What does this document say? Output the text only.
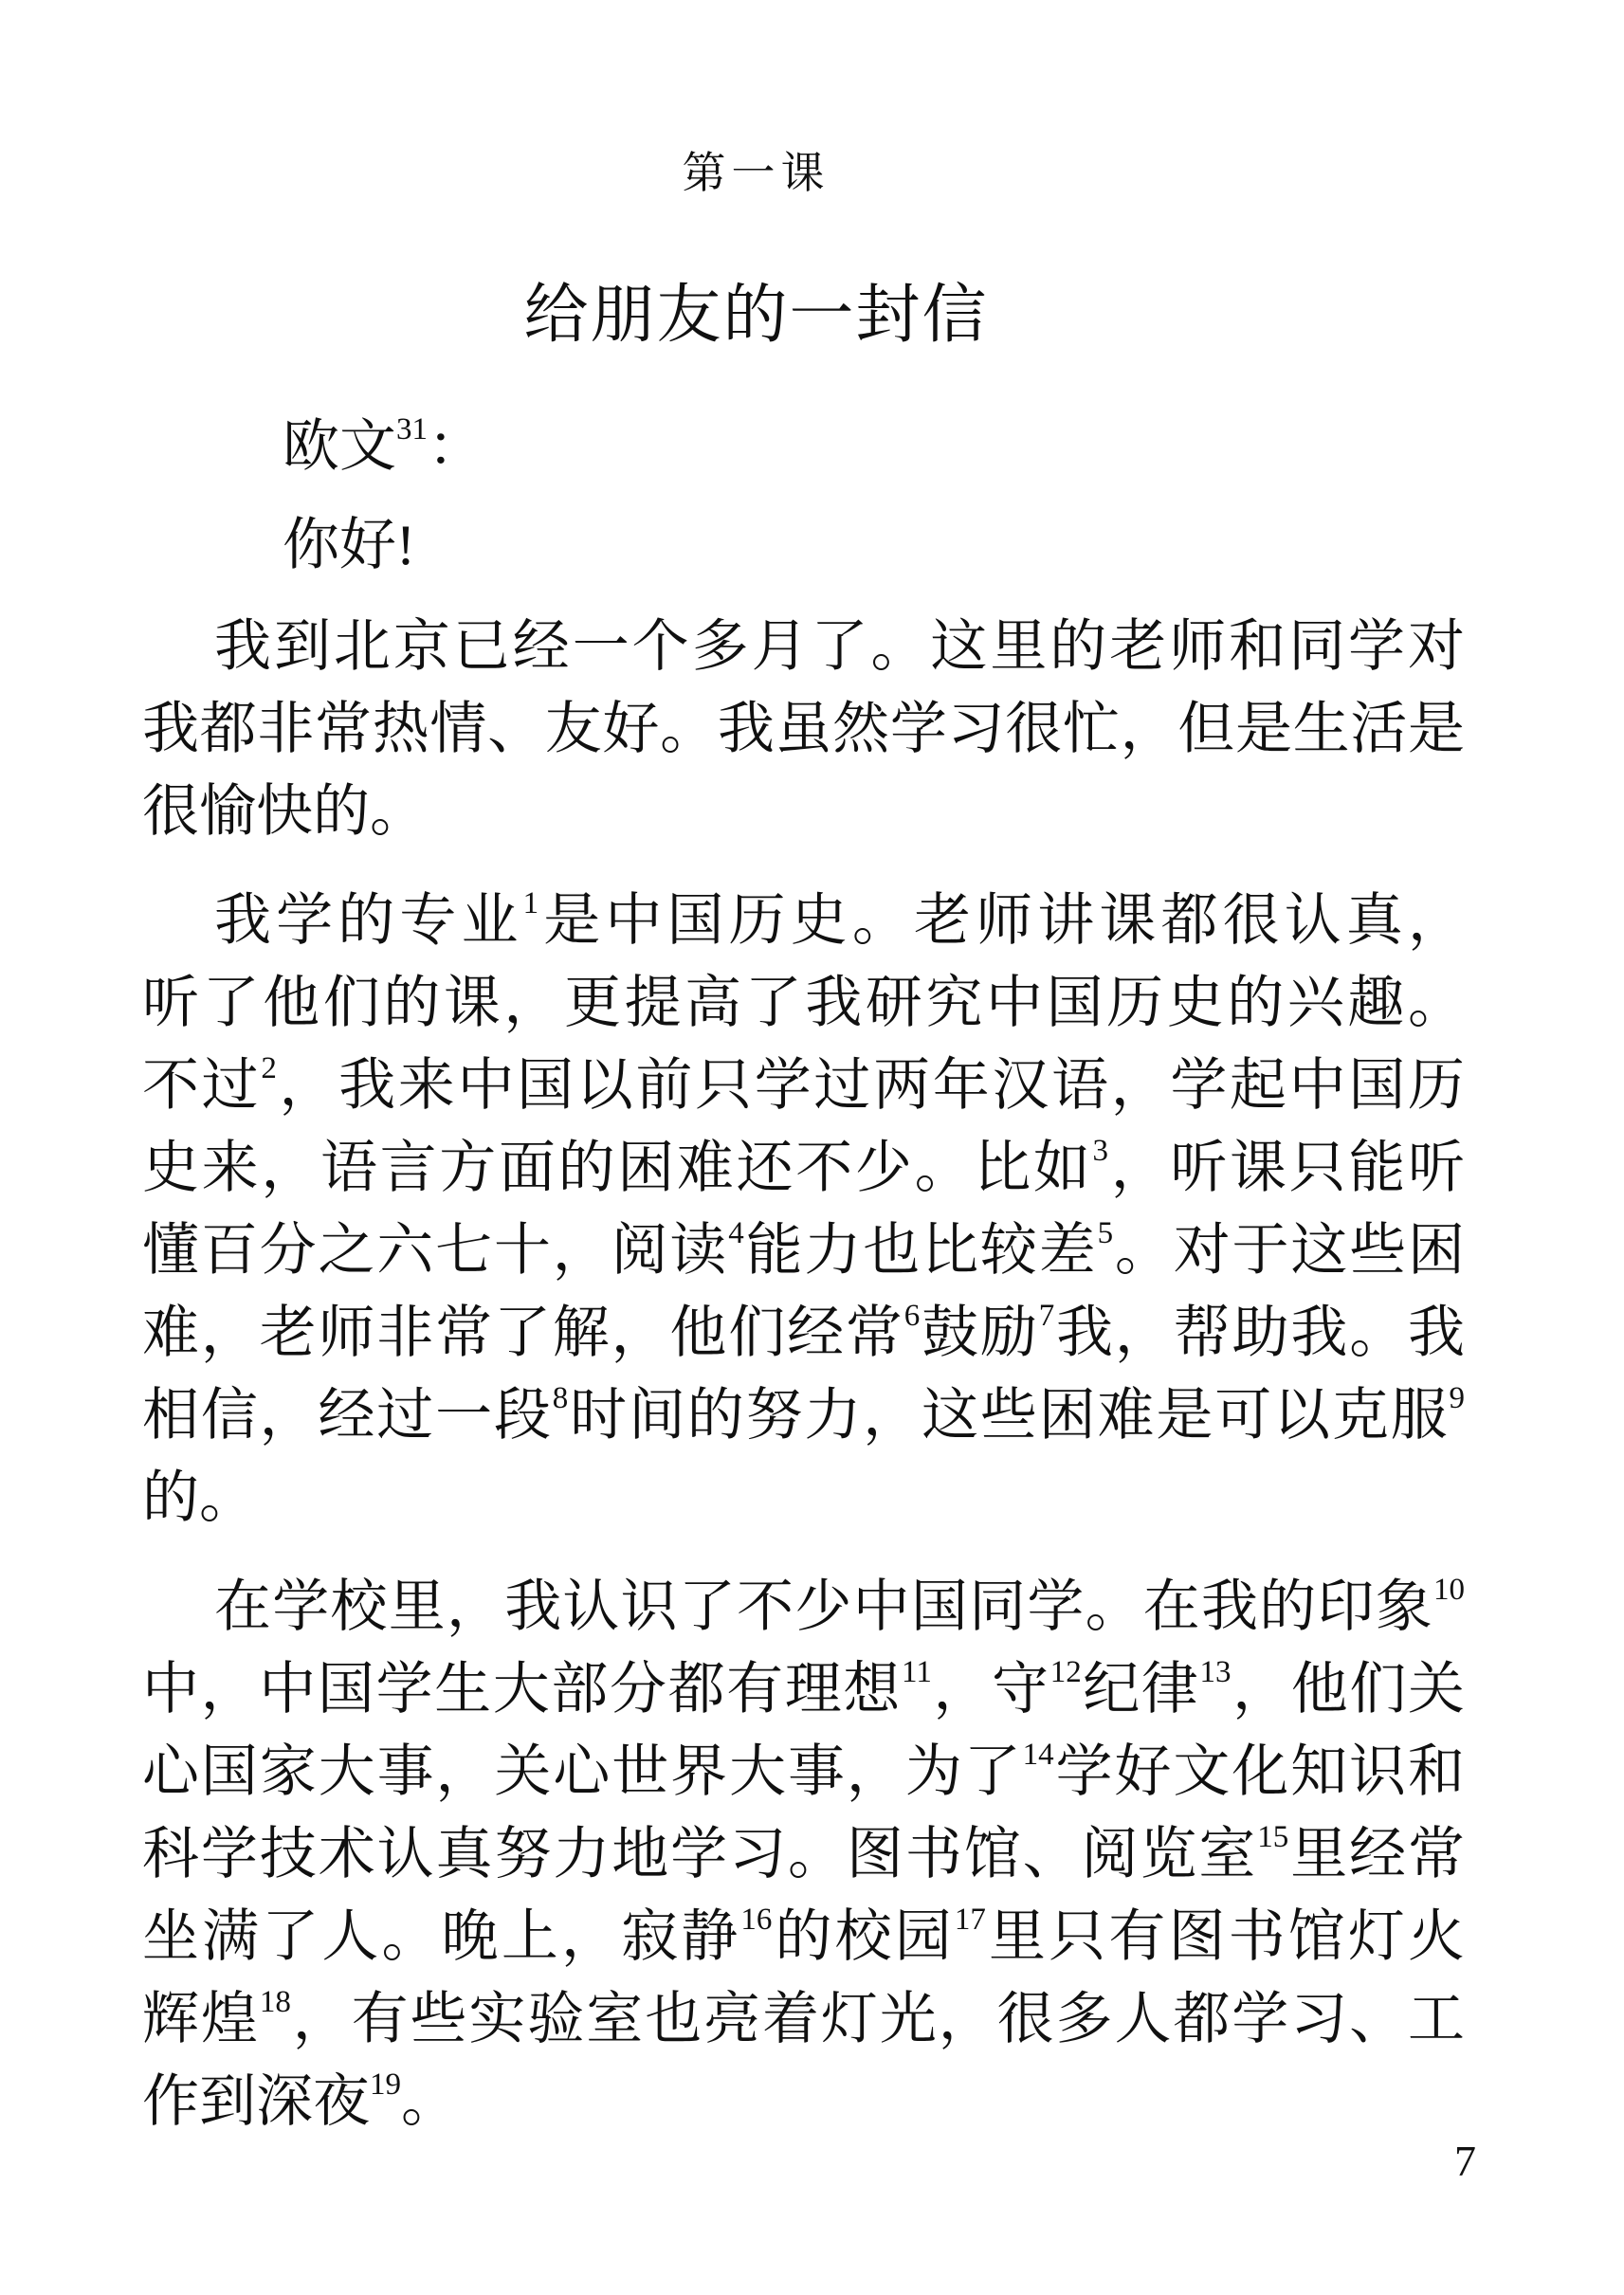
第一课
给朋友的一封信
欧文$^{31}$：
你好!
我到北京已经一个多月了。这里的老师和同学对
我都非常热情、友好。我虽然学习很忙，但是生活是
很愉快的。
我学的专业$^1$是中国历史。老师讲课都很认真，
听了他们的课，更提高了我研究中国历史的兴趣。
不过$^2$，我来中国以前只学过两年汉语，学起中国历
史来，语言方面的困难还不少。比如$^3$，听课只能听
懂百分之六七十，阅读$^4$能力也比较差$^5$。对于这些困
难，老师非常了解，他们经常$^6$鼓励$^7$我，帮助我。我
相信，经过一段$^8$时间的努力，这些困难是可以克服$^9$
的。
在学校里，我认识了不少中国同学。在我的印象$^{10}$
中，中国学生大部分都有理想$^{11}$，守$^{12}$纪律$^{13}$，他们关
心国家大事，关心世界大事，为了$^{14}$学好文化知识和
科学技术认真努力地学习。图书馆、阅览室$^{15}$里经常
坐满了人。晚上，寂静$^{16}$的校园$^{17}$里只有图书馆灯火
辉煌$^{18}$，有些实验室也亮着灯光，很多人都学习、工
作到深夜$^{19}$。
7
